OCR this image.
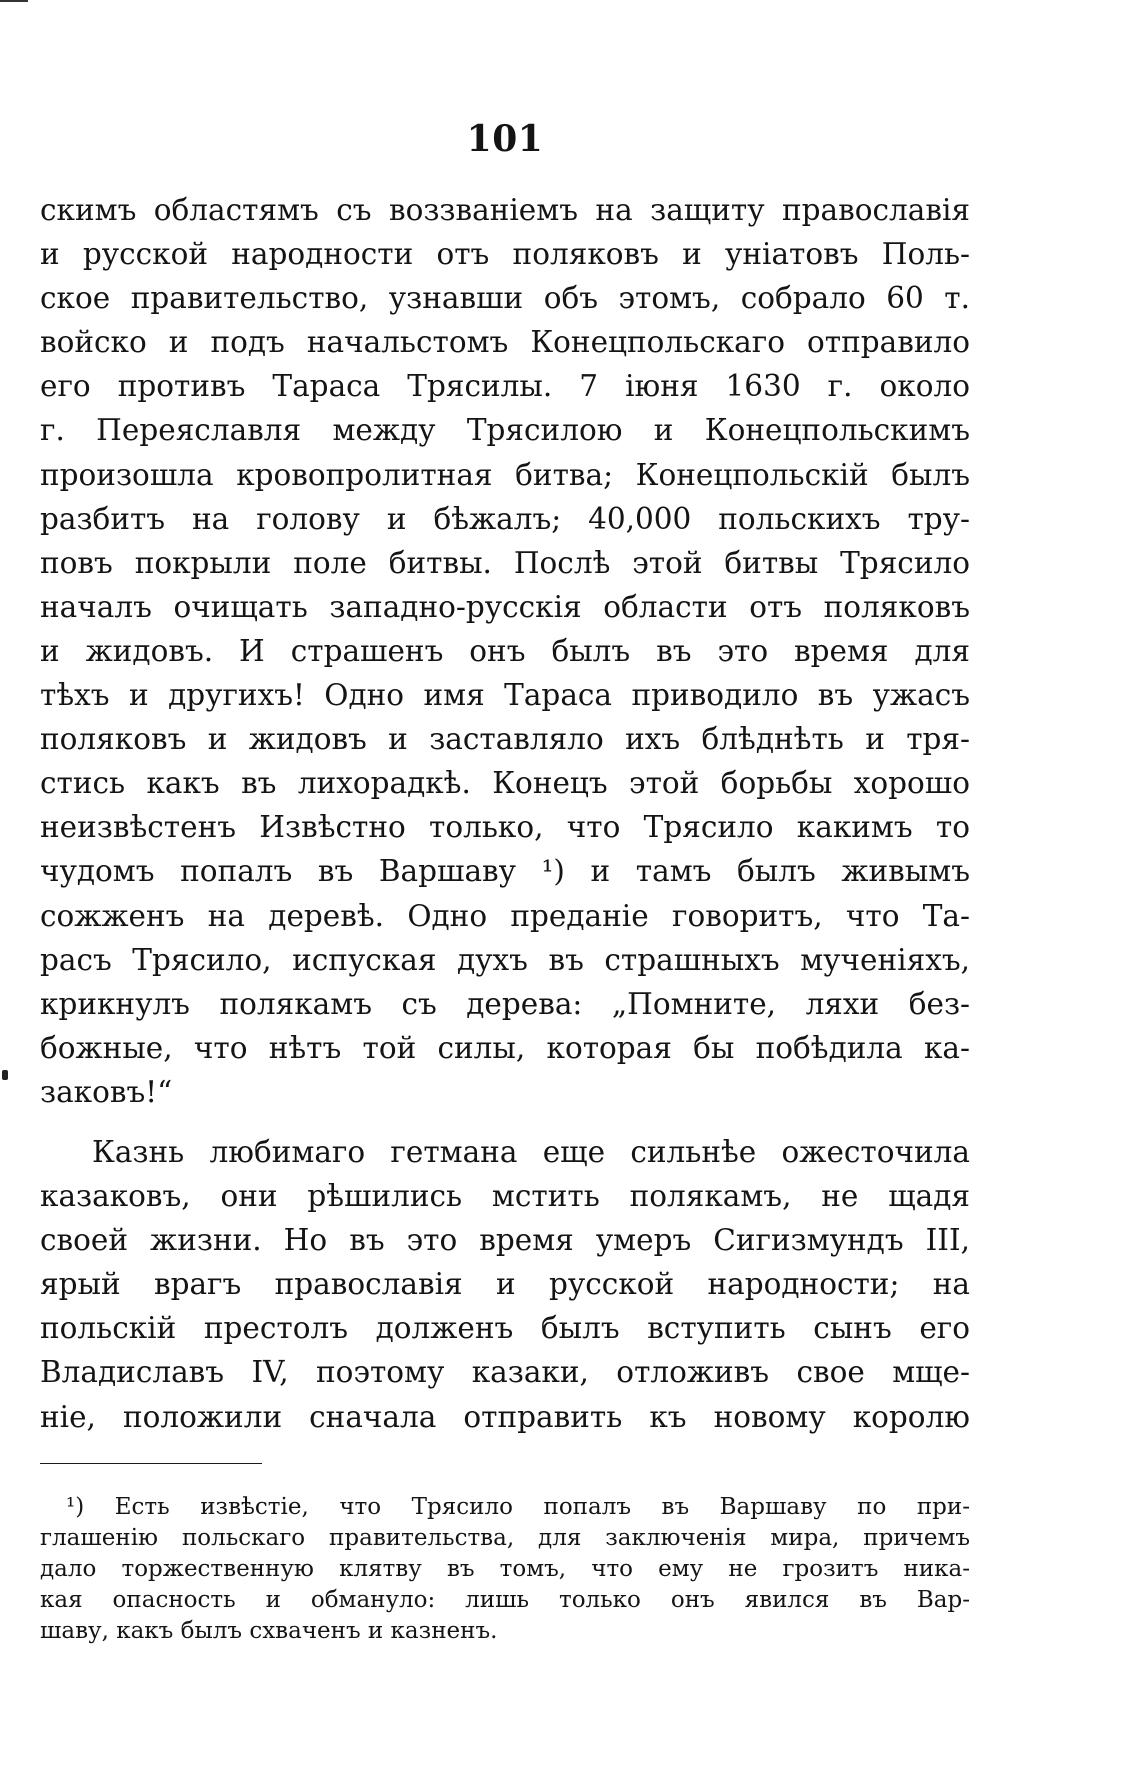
101
скимъ областямъ съ воззваніемъ на защиту православія
и русской народности отъ поляковъ и уніатовъ Поль-
ское правительство, узнавши объ этомъ, собрало 60 т.
войско и подъ начальстомъ Конецпольскаго отправило
его противъ Тараса Трясилы. 7 іюня 1630 г. около
г. Переяславля между Трясилою и Конецпольскимъ
произошла кровопролитная битва; Конецпольскій былъ
разбитъ на голову и бѣжалъ; 40,000 польскихъ тру-
повъ покрыли поле битвы. Послѣ этой битвы Трясило
началъ очищать западно-русскія области отъ поляковъ
и жидовъ. И страшенъ онъ былъ въ это время для
тѣхъ и другихъ! Одно имя Тараса приводило въ ужасъ
поляковъ и жидовъ и заставляло ихъ блѣднѣть и тря-
стись какъ въ лихорадкѣ. Конецъ этой борьбы хорошо
неизвѣстенъ Извѣстно только, что Трясило какимъ то
чудомъ попалъ въ Варшаву ¹) и тамъ былъ живымъ
сожженъ на деревѣ. Одно преданіе говоритъ, что Та-
расъ Трясило, испуская духъ въ страшныхъ мученіяхъ,
крикнулъ полякамъ съ дерева: „Помните, ляхи без-
божные, что нѣтъ той силы, которая бы побѣдила ка-
заковъ!“
Казнь любимаго гетмана еще сильнѣе ожесточила
казаковъ, они рѣшились мстить полякамъ, не щадя
своей жизни. Но въ это время умеръ Сигизмундъ III,
ярый врагъ православія и русской народности; на
польскій престолъ долженъ былъ вступить сынъ его
Владиславъ IV, поэтому казаки, отложивъ свое мще-
ніе, положили сначала отправить къ новому королю
¹) Есть извѣстіе, что Трясило попалъ въ Варшаву по при-
глашенію польскаго правительства, для заключенія мира, причемъ
дало торжественную клятву въ томъ, что ему не грозитъ ника-
кая опасность и обмануло: лишь только онъ явился въ Вар-
шаву, какъ былъ схваченъ и казненъ.
